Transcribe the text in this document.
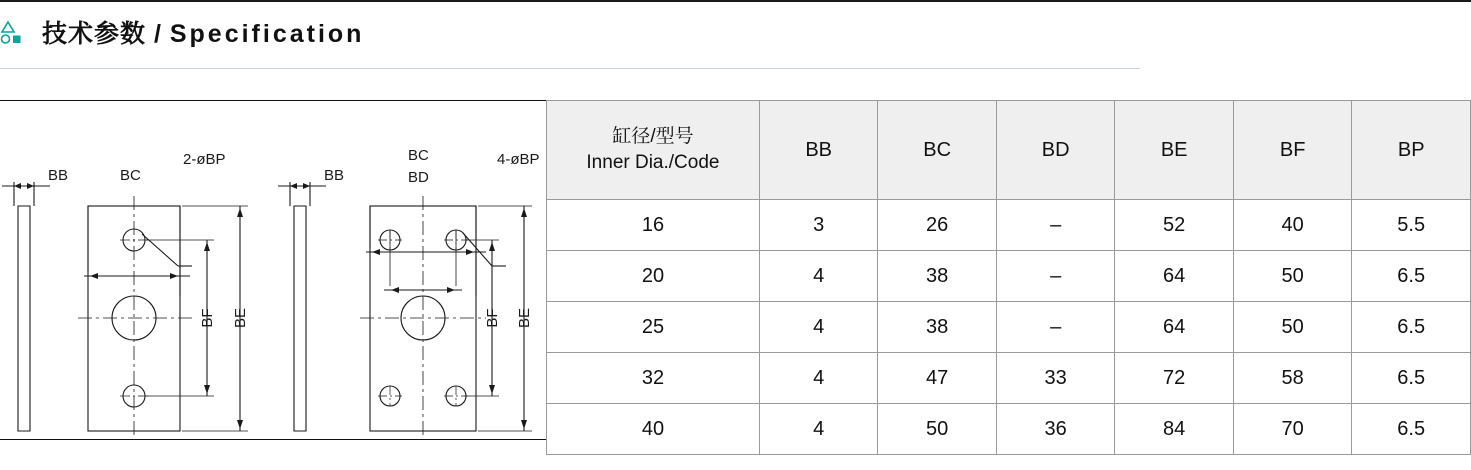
技术参数 / Specification
BB	BC
2-øBP
BB
BC
BD
4-øBP
BF BE	BF BE
缸径/型号
Inner Dia./Code	BB	BC	BD	BE	BF	BP
16	3	26	–	52	40	5.5
20	4	38	–	64	50	6.5
25	4	38	–	64	50	6.5
32	4	47	33	72	58	6.5
40	4	50	36	84	70	6.5
